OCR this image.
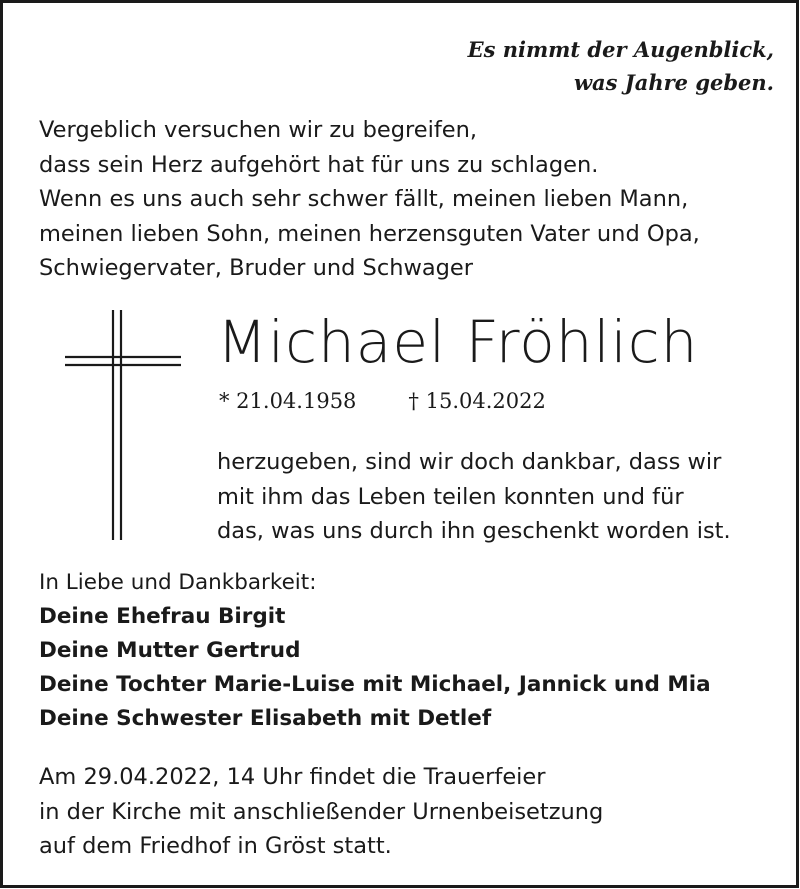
Es nimmt der Augenblick,
was Jahre geben.
Vergeblich versuchen wir zu begreifen,
dass sein Herz aufgehört hat für uns zu schlagen.
Wenn es uns auch sehr schwer fällt, meinen lieben Mann,
meinen lieben Sohn, meinen herzensguten Vater und Opa,
Schwiegervater, Bruder und Schwager
Michael Fröhlich
* 21.04.1958 † 15.04.2022
herzugeben, sind wir doch dankbar, dass wir
mit ihm das Leben teilen konnten und für
das, was uns durch ihn geschenkt worden ist.
In Liebe und Dankbarkeit:
Deine Ehefrau Birgit
Deine Mutter Gertrud
Deine Tochter Marie-Luise mit Michael, Jannick und Mia
Deine Schwester Elisabeth mit Detlef
Am 29.04.2022, 14 Uhr findet die Trauerfeier
in der Kirche mit anschließender Urnenbeisetzung
auf dem Friedhof in Gröst statt.
